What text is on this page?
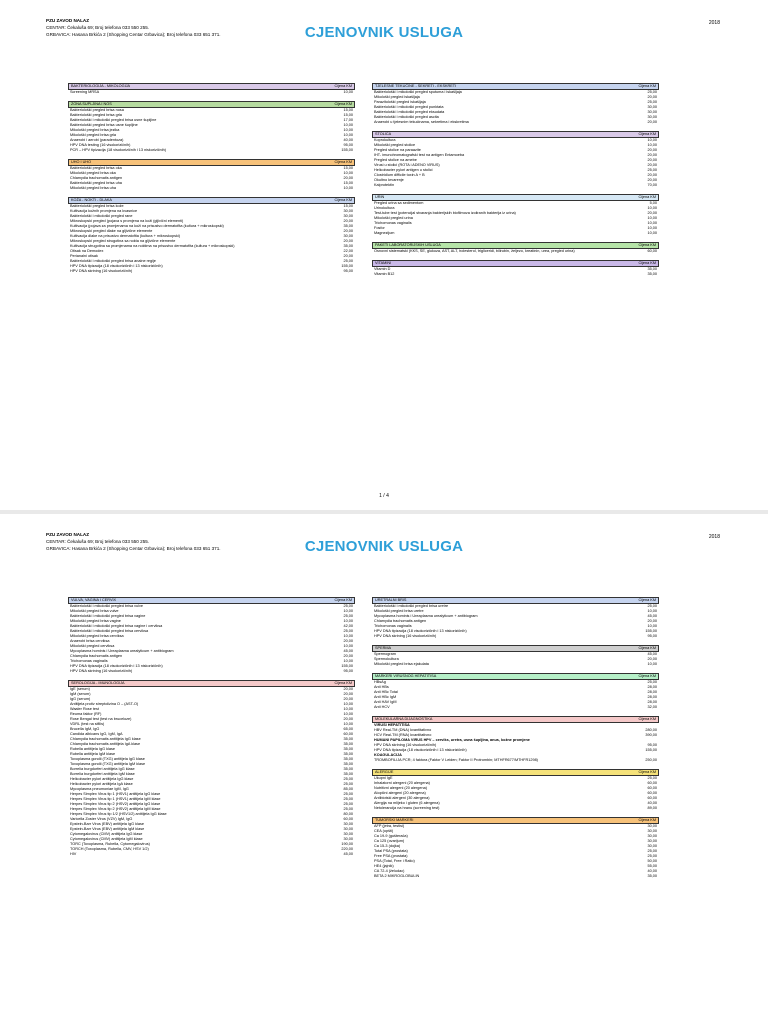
PZU ZAVOD NALAZ
CENTAR: Čekaluša 69; Broj telefona 033 550 255.
GRBAVICA: Hasana Brkića 2 (Shopping Centar Grbavica); Broj telefona 033 651 371.	CJENOVNIK USLUGA
2018
BAKTERIOLOGIJA - MIKOLOGIJA	Cijena KM
Screening MRSA	10,00
ZONA SUPLJINA I NOS	Cijena KM
Bakteriološki pregled brisa nosa	15,00
Bakteriološki pregled brisa grla	15,00
Bakteriološki i mikološki pregled brisa usne šupljine	17,00
Bakteriološki pregled brisa usne šupljine	10,00
Mikološki pregled brisa jezika	10,00
Mikološki pregled brisa grla	10,00
Anaerobi i aerobi (paradentoza)	40,00
HPV DNA testing (16 visokorizičnih)	95,00
PCR – HPV tipizacija (18 visokorizičnih i 13 niskorizičnih)	155,00
UHO I UHO	Cijena KM
Bakteriološki pregled brisa oka	15,00
Mikološki pregled brisa oka	10,00
Chlamydia trachomatis antigen	20,00
Bakteriološki pregled brisa uha	15,00
Mikološki pregled brisa uha	10,00
KOŽA - NOKTI - DLAKA	Cijena KM
Bakteriološki pregled brisa kože	15,00
Kultivacija kožnih promjena na kvasnice	30,00
Bakteriološki i mikološki pregled rane	30,00
Mikroskopski pregled (pojava s promjena na koži (gljivični elementi)	20,00
Kultivacija (pojava za promjenama na koži na prisustvo dermatofita (kultura + mikroskopski)	35,00
Mikroskopski pregled dlake na gljivične elemente	20,00
Kultivacija dlake na prisustvo dermatofita (kultura + mikroskopski)	30,00
Mikroskopski pregled strugotina sa nokta na gljivične elemente	20,00
Kultivacija strugotina sa promjenama na noktima na prisustvo dermatofita (kultura + mikroskopski)	35,00
Otisak na Demodex	22,00
Perianalni otisak	20,00
Bakteriološki i mikološki pregled brisa analne regije	25,00
HPV DNA tipizacija (18 visokorizičnih i 13 niskorizičnih)	155,00
HPV DNA skrining (16 visokorizičnih)	95,00
TJELESNE TEKUĆINE - SEKRETI - EKSKRETI	Cijena KM
Bakteriološki i mikološki pregled sputuma i iskašljaja	25,00
Mikološki pregled iskašljaja	20,00
Parazitološki pregled iskašljaja	25,00
Bakteriološki i mikološki pregled punktata	30,00
Bakteriološki i mikološki pregled eksudata	30,00
Bakteriološki i mikološki pregled ascita	30,00
Anaerobi u tjelesnim tekućinama, sekretima i ekskretima	20,00
STOLICA	Cijena KM
Koprokultura	10,00
Mikološki pregled stolice	10,00
Pregled stolice na paraazite	20,00
IHT- imunohromatografski test na antigen Entamoeba	20,00
Pregled stolice na amebe	20,00
Virusi u stolici (ROTA i ADENO VIRUS)	20,00
Helicobacter pylori antigen u stolici	25,00
Clostridium difficile toxin A + B	20,00
Okultno krvarenje	20,00
Kalprotektin	70,00
URIN	Cijena KM
Pregled urina sa sedimentom	5,00
Urinokultura	10,00
Test-tube test (potencijal stvaranja bakterijskih biofilmova izoliranih bakterija iz urina)	20,00
Mikološki pregled urina	10,00
Trichomonas vaginalis	10,00
Fosfor	10,00
Magnezijum	10,00
PAKETI LABORATORIJSKIH USLUGA	Cijena KM
Osnovni sistematski (KKS, SE, glukoza, AST, ALT, holesterol, trigliceridi, bilirubin, željezo, kreatinin, urea, pregled urina)	60,00
VITAMINI	Cijena KM
Vitamin D	35,00
Vitamin B12	35,00
1 / 4
PZU ZAVOD NALAZ
CENTAR: Čekaluša 69; Broj telefona 033 550 255.
GRBAVICA: Hasana Brkića 2 (Shopping Centar Grbavica); Broj telefona 033 651 371.	CJENOVNIK USLUGA
2018
VULVA, VAGINA I CERVIX	Cijena KM
Bakteriološki i mikološki pregled brisa vulve	25,00
Mikološki pregled brisa vulve	10,00
Bakteriološki i mikološki pregled brisa vagine	25,00
Mikološki pregled brisa vagine	10,00
Bakteriološki i mikološki pregled brisa vagine i cerviksa	42,00
Bakteriološki i mikološki pregled brisa cerviksa	25,00
Mikološki pregled brisa cerviksa	10,00
Anaerobi brisa cerviksa	20,00
Mikološki pregled cerviksa	10,00
Mycoplasma hominis i Ureaplasma urealyticum + antibiogram	45,00
Chlamydia trachomatis antigen	20,00
Trichomonas vaginalis	10,00
HPV DNA tipizacija (18 visokorizičnih i 13 niskorizičnih)	155,00
HPV DNA skrining (16 visokorizičnih)	95,00
SEROLOGIJA - IMUNOLOGIJA	Cijena KM
IgE (serum)	20,00
IgM (serum)	20,00
IgG (serum)	20,00
Antitijela protiv streptolizina O – (AST-O)	10,00
Waaler Rose test	10,00
Reuma faktor (RF)	10,00
Rose Bengal test (test na bruceloze)	20,00
VDRL (test na sifilis)	10,00
Brucella IgM, IgG	65,00
Candida albicans IgG, IgM, IgA	60,00
Chlamydia trachomatis antitijela IgG klase	35,00
Chlamydia trachomatis antitijela IgA klase	35,00
Rubella antitijela IgG klase	35,00
Rubella antitijela IgM klase	35,00
Toxoplasma gondii (TXG) antitijela IgG klase	35,00
Toxoplasma gondii (TXG) antitijela IgM klase	35,00
Borrelia burgdorferi antitijela IgG klase	35,00
Borrelia burgdorferi antitijela IgM klase	35,00
Helicobacter pylori antitijela IgG klase	25,00
Helicobacter pylori antitijela IgA klase	25,00
Mycoplasma pneumoniae IgM, IgG	85,00
Herpes Simplex Virus tip 1 (HSV1) antitijela IgG klase	25,00
Herpes Simplex Virus tip 1 (HSV1) antitijela IgM klase	25,00
Herpes Simplex Virus tip 2 (HSV2) antitijela IgG klase	25,00
Herpes Simplex Virus tip 2 (HSV2) antitijela IgM klase	25,00
Herpes Simplex Virus tip 1/2 (HSV1/2) antitijela IgG klase	80,00
Varicella Zoster Virus (VZV) IgM, IgG	60,00
Epstein-Barr Virus (EBV) antitijela IgG klase	30,00
Epstein-Barr Virus (EBV) antitijela IgM klase	30,00
Cytomegalovirus (CMV) antitijela IgG klase	30,00
Cytomegalovirus (CMV) antitijela IgM klase	30,00
TORC (Toxoplasma, Rubella, Cytomegalovirus)	190,00
TORCH (Toxoplasma, Rubella, CMV, HSV 1/2)	220,00
HIV	45,00
URETRALNI BRIS	Cijena KM
Bakteriološki i mikološki pregled brisa uretre	25,00
Mikološki pregled brisa uretre	10,00
Mycoplasma hominis i Ureaplasma urealyticum + antibiogram	45,00
Chlamydia trachomatis antigen	20,00
Trichomonas vaginalis	10,00
HPV DNA tipizacija (18 visokorizičnih i 13 niskorizičnih)	155,00
HPV DNA skrining (16 visokorizičnih)	95,00
SPERMA	Cijena KM
Spermogram	45,00
Spermokultura	20,00
Mikološki pregled brisa ejakulata	10,00
MARKERI VIRUSNOG HEPATITISA	Cijena KM
HBsAg	25,00
Anti HBs	28,00
Anti HBc Total	28,00
Anti HBc IgM	28,00
Anti HAV IgM	28,00
Anti HCV	32,00
MOLEKULARNA DIJAGNOSTIKA	Cijena KM
VIRUSI HEPATITISA
HBV Real-TM (DNA) kvantitativno	280,00
HCV Real-TM (RNA) kvantitativno	390,00
HUMANI PAPILOMA VIRUS HPV – cerviks, uretra, usna šupljina, anus, kožne promjene
HPV DNA skrining (16 visokorizičnih)	95,00
HPV DNA tipizacija (18 visokorizičnih i 13 niskorizičnih)	155,00
KOAGULACIJA
TROMBOFILIJA PCR; 4 faktora (Faktor V Leiden; Faktor II Protrombin; MTHFR677/MTHFR1298)	250,00
ALERGIJE	Cijena KM
Ukupni IgE	25,00
Inhalatorni alergeni (20 alergena)	60,00
Nutritivni alergeni (20 alergena)	60,00
Atopični alergeni (20 alergena)	60,00
Antibiotski alergeni (30 alergena)	60,00
Alergija na mlijeko i gluten (6 alergena)	40,00
Netolerancija na hranu (screening test)	89,00
TUMORSKI MARKERI	Cijena KM
AFP (jetra, testisi)	30,00
CEA (opšti)	30,00
Ca 19-9 (gušterača)	30,00
Ca 125 (ovarijum)	30,00
Ca 15-3 (dojka)	30,00
Total PSA (prostata)	25,00
Free PSA (prostata)	25,00
PSA (Total, Free i Ratio)	50,00
HE4 (jajnik)	55,00
CA 72-4 (želudac)	40,00
BETA 2 MIKROGLOBULIN	35,00
